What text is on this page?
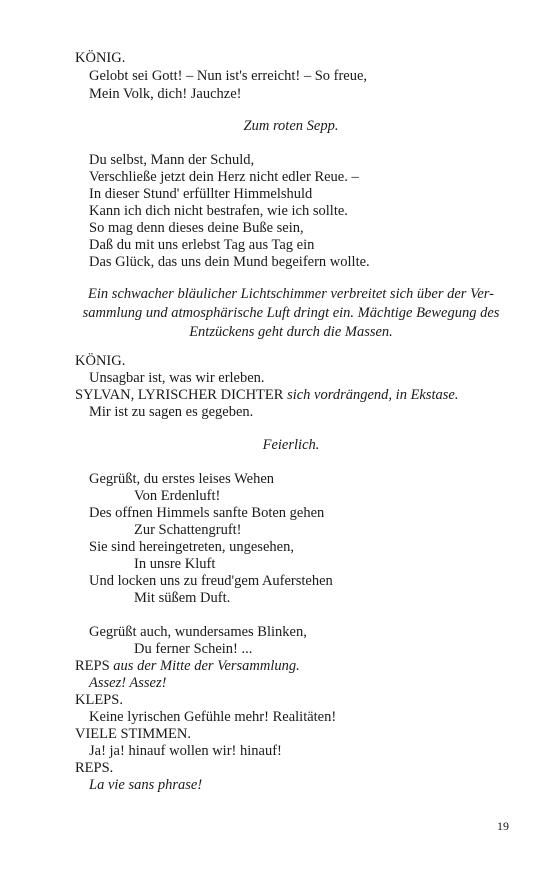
KÖNIG.
Gelobt sei Gott! – Nun ist's erreicht! – So freue,
Mein Volk, dich! Jauchze!
Zum roten Sepp.
Du selbst, Mann der Schuld,
Verschließe jetzt dein Herz nicht edler Reue. –
In dieser Stund' erfüllter Himmelshuld
Kann ich dich nicht bestrafen, wie ich sollte.
So mag denn dieses deine Buße sein,
Daß du mit uns erlebst Tag aus Tag ein
Das Glück, das uns dein Mund begeifern wollte.
Ein schwacher bläulicher Lichtschimmer verbreitet sich über der Ver-
sammlung und atmosphärische Luft dringt ein. Mächtige Bewegung des
Entzückens geht durch die Massen.
KÖNIG.
Unsagbar ist, was wir erleben.
SYLVAN, LYRISCHER DICHTER sich vordrängend, in Ekstase.
Mir ist zu sagen es gegeben.
Feierlich.
Gegrüßt, du erstes leises Wehen
Von Erdenluft!
Des offnen Himmels sanfte Boten gehen
Zur Schattengruft!
Sie sind hereingetreten, ungesehen,
In unsre Kluft
Und locken uns zu freud'gem Auferstehen
Mit süßem Duft.
Gegrüßt auch, wundersames Blinken,
Du ferner Schein! ...
REPS aus der Mitte der Versammlung.
Assez! Assez!
KLEPS.
Keine lyrischen Gefühle mehr! Realitäten!
VIELE STIMMEN.
Ja! ja! hinauf wollen wir! hinauf!
REPS.
La vie sans phrase!
19
